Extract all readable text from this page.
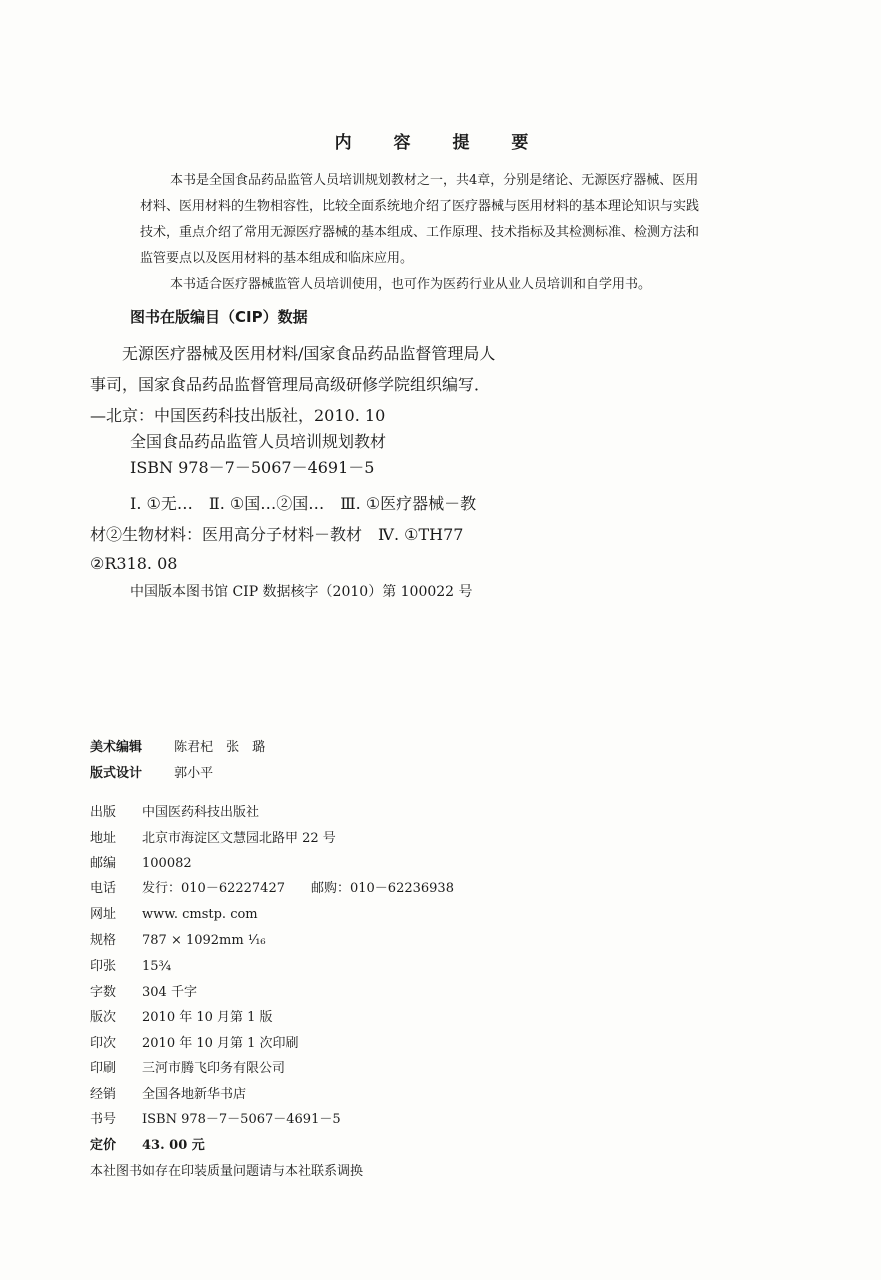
内 容 提 要
本书是全国食品药品监管人员培训规划教材之一，共4章，分别是绪论、无源医疗器械、医用
材料、医用材料的生物相容性，比较全面系统地介绍了医疗器械与医用材料的基本理论知识与实践
技术，重点介绍了常用无源医疗器械的基本组成、工作原理、技术指标及其检测标准、检测方法和
监管要点以及医用材料的基本组成和临床应用。
本书适合医疗器械监管人员培训使用，也可作为医药行业从业人员培训和自学用书。
图书在版编目（CIP）数据
无源医疗器械及医用材料/国家食品药品监督管理局人
事司，国家食品药品监督管理局高级研修学院组织编写．
—北京：中国医药科技出版社，2010. 10
全国食品药品监管人员培训规划教材
ISBN 978－7－5067－4691－5
Ⅰ. ①无…　Ⅱ. ①国…②国…　Ⅲ. ①医疗器械－教
材②生物材料：医用高分子材料－教材　Ⅳ. ①TH77
②R318. 08
中国版本图书馆 CIP 数据核字（2010）第 100022 号
美术编辑 陈君杞　张　璐
版式设计 郭小平
出版 中国医药科技出版社
地址 北京市海淀区文慧园北路甲 22 号
邮编 100082
电话 发行：010－62227427　　邮购：010－62236938
网址 www. cmstp. com
规格 787 × 1092mm ¹⁄₁₆
印张 15¾
字数 304 千字
版次 2010 年 10 月第 1 版
印次 2010 年 10 月第 1 次印刷
印刷 三河市腾飞印务有限公司
经销 全国各地新华书店
书号 ISBN 978－7－5067－4691－5
定价 43. 00 元
本社图书如存在印装质量问题请与本社联系调换
